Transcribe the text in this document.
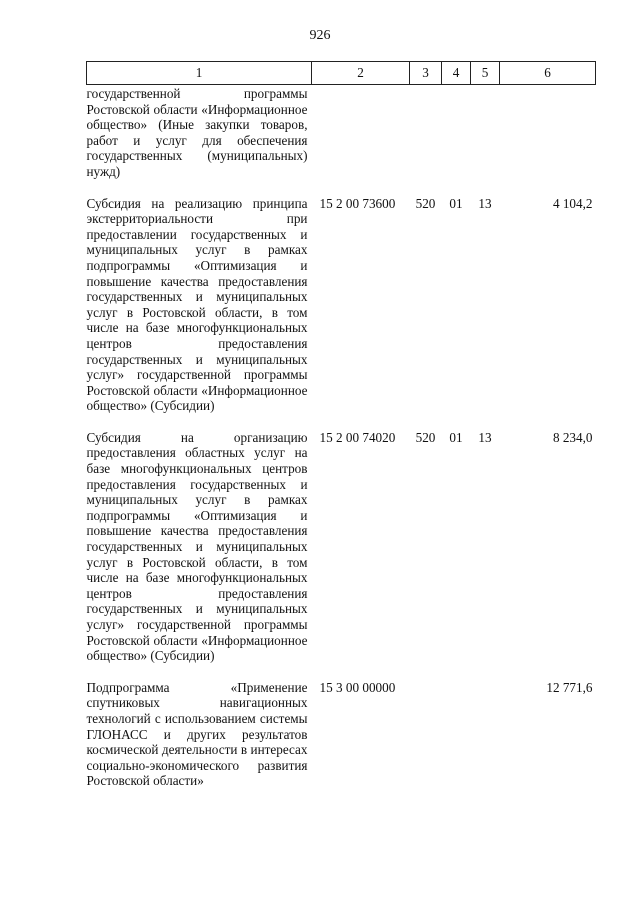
926
1	2	3	4	5	6

государственной программы Ростовской области «Информационное общество» (Иные закупки товаров, работ и услуг для обеспечения государственных (муниципальных) нужд)					

Субсидия на реализацию принципа экстерриториальности при предоставлении государственных и муниципальных услуг в рамках подпрограммы «Оптимизация и повышение качества предоставления государственных и муниципальных услуг в Ростовской области, в том числе на базе многофункциональных центров предоставления государственных и муниципальных услуг» государственной программы Ростовской области «Информационное общество» (Субсидии)	15 2 00 73600	520	01	13	4 104,2

Субсидия на организацию предоставления областных услуг на базе многофункциональных центров предоставления государственных и муниципальных услуг в рамках подпрограммы «Оптимизация и повышение качества предоставления государственных и муниципальных услуг в Ростовской области, в том числе на базе многофункциональных центров предоставления государственных и муниципальных услуг» государственной программы Ростовской области «Информационное общество» (Субсидии)	15 2 00 74020	520	01	13	8 234,0

Подпрограмма «Применение спутниковых навигационных технологий с использованием системы ГЛОНАСС и других результатов космической деятельности в интересах социально-экономического развития Ростовской области»	15 3 00 00000				12 771,6
